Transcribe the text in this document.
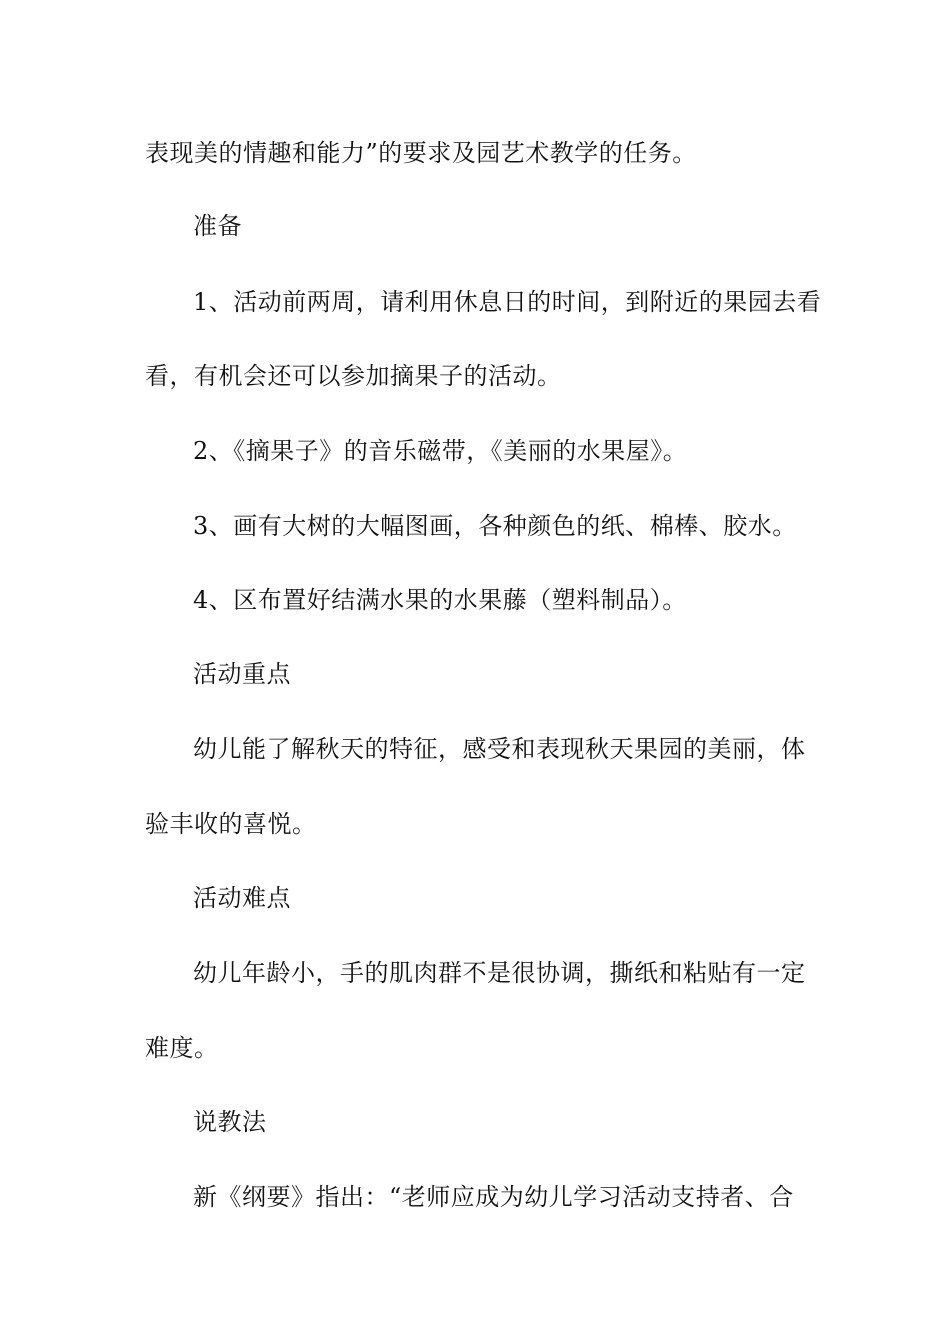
表现美的情趣和能力”的要求及园艺术教学的任务。
准备
1、活动前两周，请利用休息日的时间，到附近的果园去看
看，有机会还可以参加摘果子的活动。
2、《摘果子》的音乐磁带，《美丽的水果屋》。
3、画有大树的大幅图画，各种颜色的纸、棉棒、胶水。
4、区布置好结满水果的水果藤（塑料制品）。
活动重点
幼儿能了解秋天的特征，感受和表现秋天果园的美丽，体
验丰收的喜悦。
活动难点
幼儿年龄小，手的肌肉群不是很协调，撕纸和粘贴有一定
难度。
说教法
新《纲要》指出：“老师应成为幼儿学习活动支持者、合
